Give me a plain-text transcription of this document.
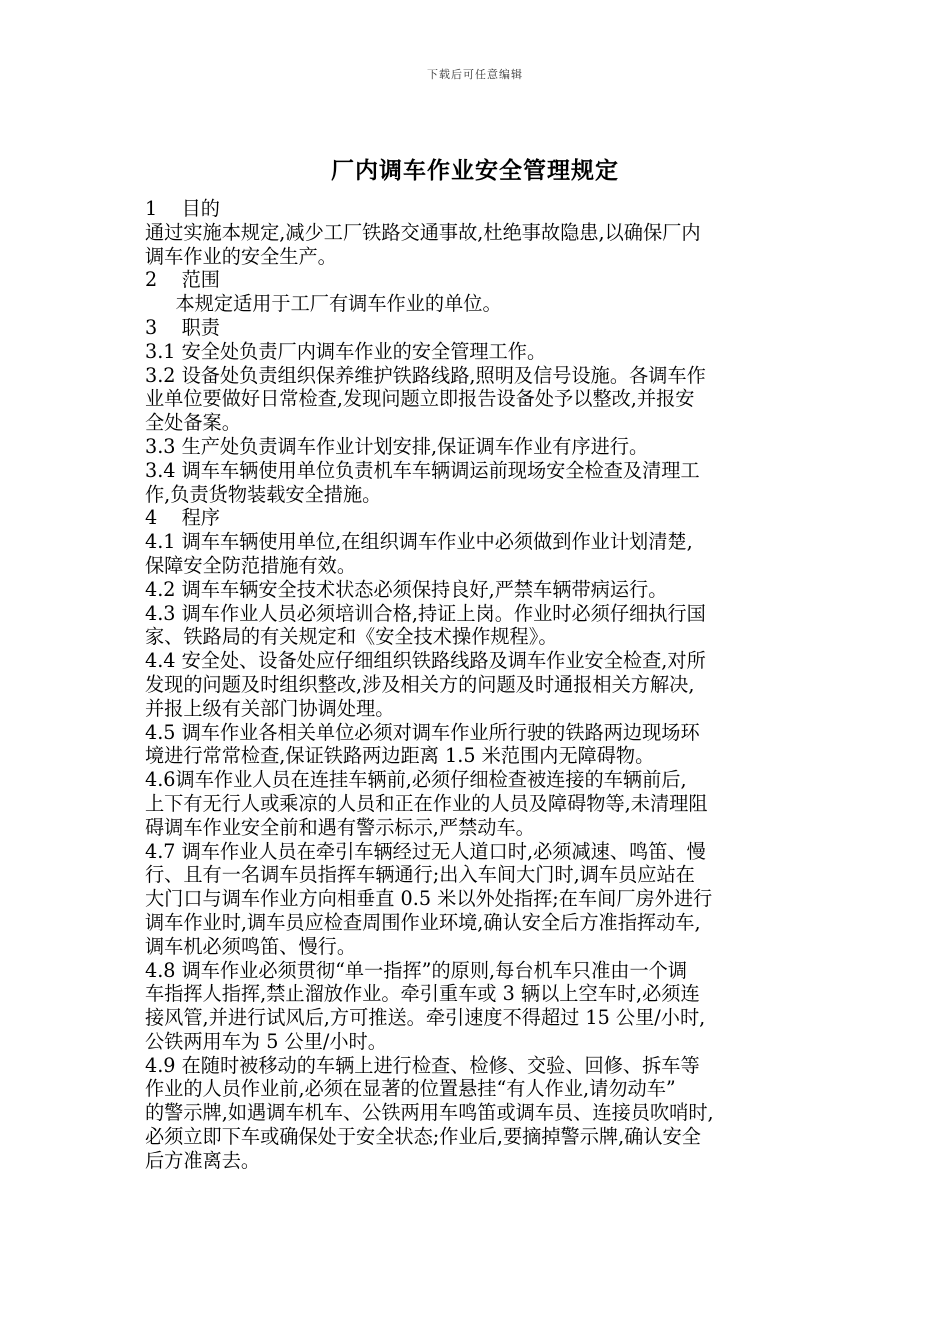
下载后可任意编辑
厂内调车作业安全管理规定
1    目的
通过实施本规定,减少工厂铁路交通事故,杜绝事故隐患,以确保厂内
调车作业的安全生产。
2    范围
本规定适用于工厂有调车作业的单位。
3    职责
3.1 安全处负责厂内调车作业的安全管理工作。
3.2 设备处负责组织保养维护铁路线路,照明及信号设施。各调车作
业单位要做好日常检查,发现问题立即报告设备处予以整改,并报安
全处备案。
3.3 生产处负责调车作业计划安排,保证调车作业有序进行。
3.4 调车车辆使用单位负责机车车辆调运前现场安全检查及清理工
作,负责货物装载安全措施。
4    程序
4.1 调车车辆使用单位,在组织调车作业中必须做到作业计划清楚,
保障安全防范措施有效。
4.2 调车车辆安全技术状态必须保持良好,严禁车辆带病运行。
4.3 调车作业人员必须培训合格,持证上岗。作业时必须仔细执行国
家、铁路局的有关规定和《安全技术操作规程》。
4.4 安全处、设备处应仔细组织铁路线路及调车作业安全检查,对所
发现的问题及时组织整改,涉及相关方的问题及时通报相关方解决,
并报上级有关部门协调处理。
4.5 调车作业各相关单位必须对调车作业所行驶的铁路两边现场环
境进行常常检查,保证铁路两边距离 1.5 米范围内无障碍物。
4.6调车作业人员在连挂车辆前,必须仔细检查被连接的车辆前后,
上下有无行人或乘凉的人员和正在作业的人员及障碍物等,未清理阻
碍调车作业安全前和遇有警示标示,严禁动车。
4.7 调车作业人员在牵引车辆经过无人道口时,必须减速、鸣笛、慢
行、且有一名调车员指挥车辆通行;出入车间大门时,调车员应站在
大门口与调车作业方向相垂直 0.5 米以外处指挥;在车间厂房外进行
调车作业时,调车员应检查周围作业环境,确认安全后方准指挥动车,
调车机必须鸣笛、慢行。
4.8 调车作业必须贯彻“单一指挥”的原则,每台机车只准由一个调
车指挥人指挥,禁止溜放作业。牵引重车或 3 辆以上空车时,必须连
接风管,并进行试风后,方可推送。牵引速度不得超过 15 公里/小时,
公铁两用车为 5 公里/小时。
4.9 在随时被移动的车辆上进行检查、检修、交验、回修、拆车等
作业的人员作业前,必须在显著的位置悬挂“有人作业,请勿动车”
的警示牌,如遇调车机车、公铁两用车鸣笛或调车员、连接员吹哨时,
必须立即下车或确保处于安全状态;作业后,要摘掉警示牌,确认安全
后方准离去。
